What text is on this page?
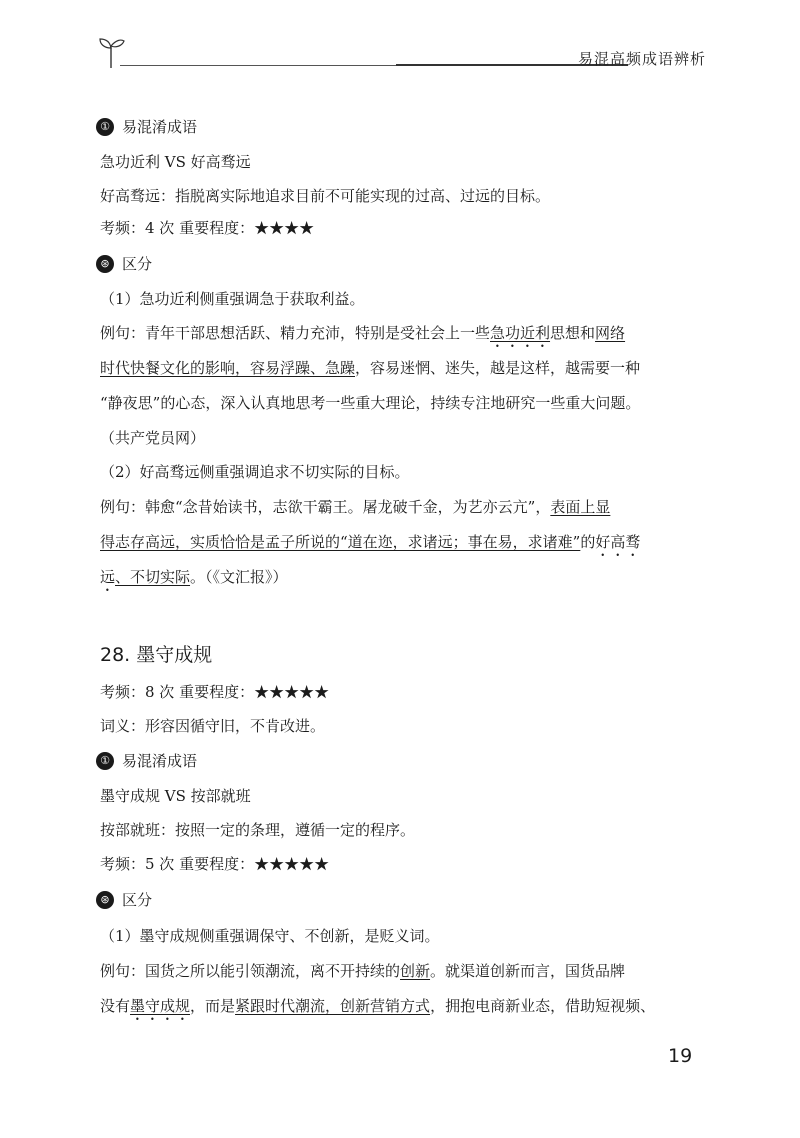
易混高频成语辨析
① 易混淆成语
急功近利 VS 好高骛远
好高骛远：指脱离实际地追求目前不可能实现的过高、过远的目标。
考频：4 次 重要程度：★★★★
⊛ 区分
（1）急功近利侧重强调急于获取利益。
例句：青年干部思想活跃、精力充沛，特别是受社会上一些急功近利思想和网络
时代快餐文化的影响，容易浮躁、急躁，容易迷惘、迷失，越是这样，越需要一种
“静夜思”的心态，深入认真地思考一些重大理论，持续专注地研究一些重大问题。
（共产党员网）
（2）好高骛远侧重强调追求不切实际的目标。
例句：韩愈“念昔始读书，志欲干霸王。屠龙破千金，为艺亦云亢”，表面上显
得志存高远，实质恰恰是孟子所说的“道在迩，求诸远；事在易，求诸难”的好高骛
远、不切实际。（《文汇报》）
28. 墨守成规
考频：8 次 重要程度：★★★★★
词义：形容因循守旧，不肯改进。
① 易混淆成语
墨守成规 VS 按部就班
按部就班：按照一定的条理，遵循一定的程序。
考频：5 次 重要程度：★★★★★
⊛ 区分
（1）墨守成规侧重强调保守、不创新，是贬义词。
例句：国货之所以能引领潮流，离不开持续的创新。就渠道创新而言，国货品牌
没有墨守成规，而是紧跟时代潮流，创新营销方式，拥抱电商新业态，借助短视频、
19
